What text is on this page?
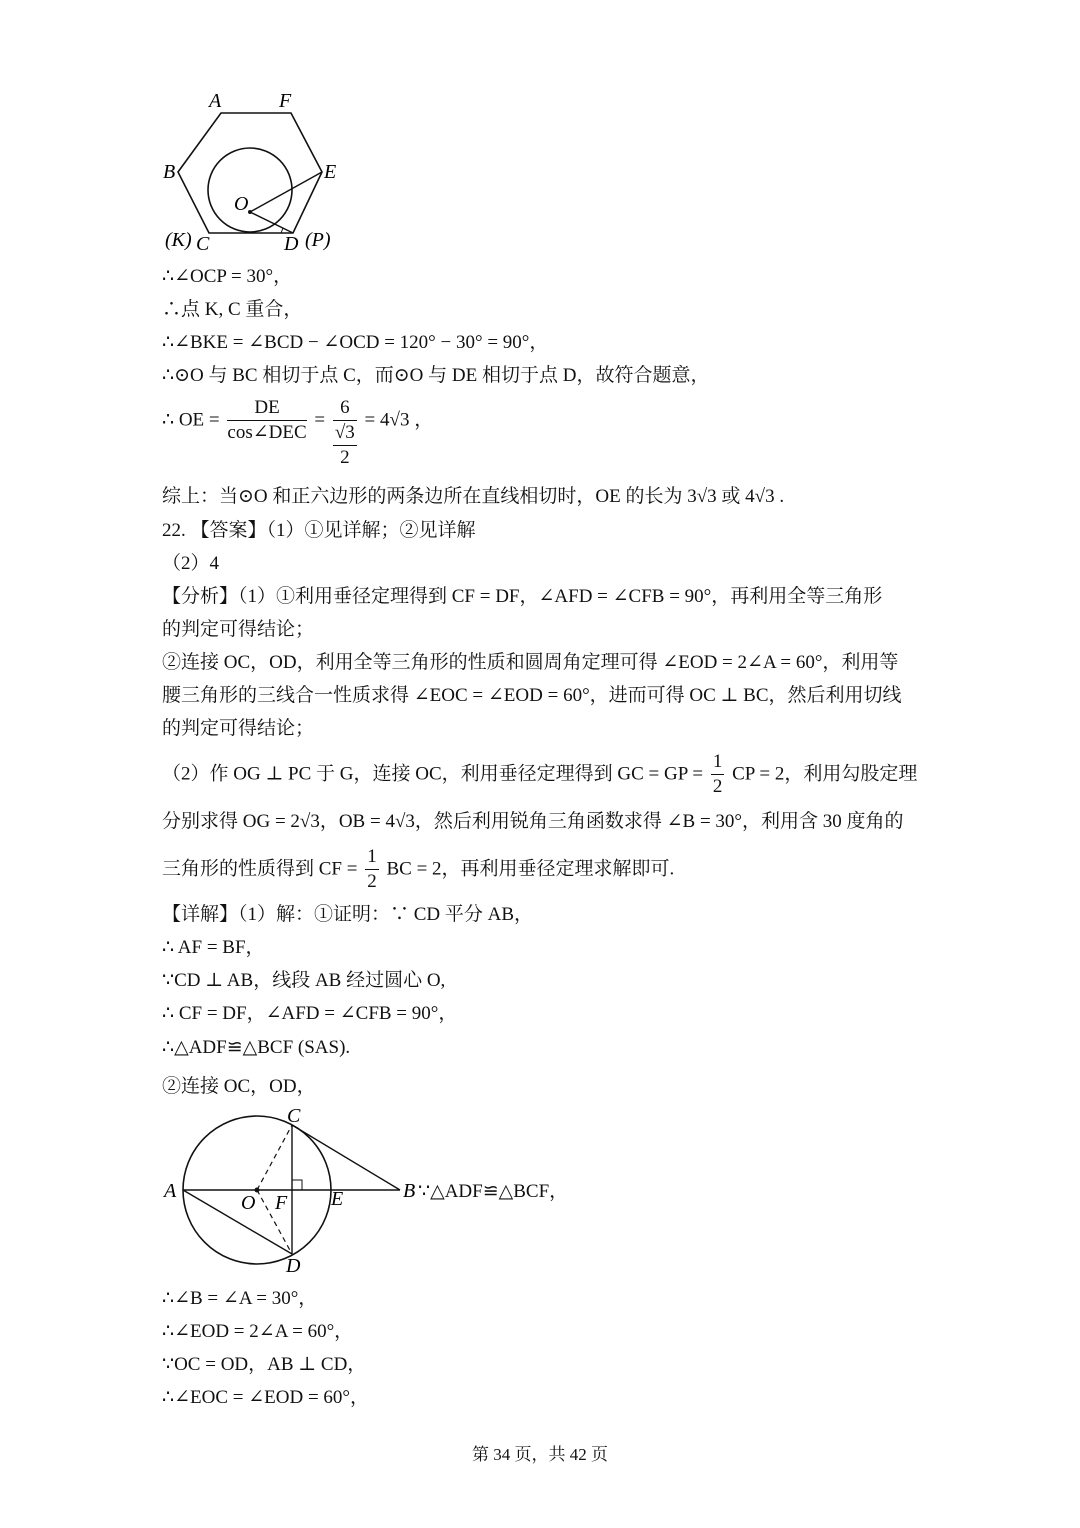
A	F
B	E
O
(K) C	D (P)
∴∠OCP = 30°，
∴点 K, C 重合，
∴∠BKE = ∠BCD − ∠OCD = 120° − 30° = 90°，
∴⊙O 与 BC 相切于点 C，而⊙O 与 DE 相切于点 D，故符合题意，
∴ OE = $\frac{DE}{\text{cos∠DEC}} = \frac{6}{\frac{√3}{2}} = 4√3$ ，
综上：当⊙O 和正六边形的两条边所在直线相切时，OE 的长为 3√3 或 4√3 .
22. 【答案】（1）①见详解；②见详解
（2）4
【分析】（1）①利用垂径定理得到 CF = DF，∠AFD = ∠CFB = 90°，再利用全等三角形
的判定可得结论；
②连接 OC，OD，利用全等三角形的性质和圆周角定理可得 ∠EOD = 2∠A = 60°，利用等
腰三角形的三线合一性质求得 ∠EOC = ∠EOD = 60°，进而可得 OC ⊥ BC，然后利用切线
的判定可得结论；
（2）作 OG ⊥ PC 于 G，连接 OC，利用垂径定理得到 GC = GP = $\frac{1}{2}$ CP = 2，利用勾股定理
分别求得 OG = 2√3，OB = 4√3，然后利用锐角三角函数求得 ∠B = 30°，利用含 30 度角的
三角形的性质得到 CF = $\frac{1}{2}$ BC = 2，再利用垂径定理求解即可.
【详解】（1）解：①证明：∵ CD 平分 AB，
∴ AF = BF，
∵CD ⊥ AB，线段 AB 经过圆心 O,
∴ CF = DF，∠AFD = ∠CFB = 90°，
∴△ADF≌△BCF (SAS).
②连接 OC，OD，
C
A
O F E	B
D
∵△ADF≌△BCF，
∴∠B = ∠A = 30°，
∴∠EOD = 2∠A = 60°，
∵OC = OD，AB ⊥ CD，
∴∠EOC = ∠EOD = 60°，
第 34 页，共 42 页
